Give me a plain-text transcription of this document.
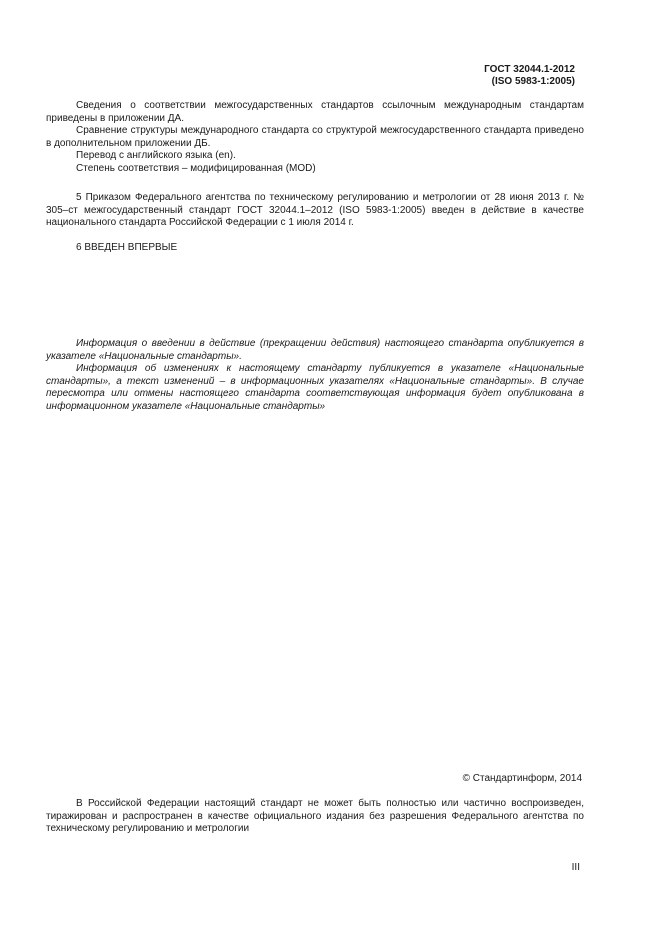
ГОСТ 32044.1-2012
(ISO 5983-1:2005)

Сведения о соответствии межгосударственных стандартов ссылочным международным стандартам приведены в приложении ДА.

Сравнение структуры международного стандарта со структурой межгосударственного стандарта приведено в дополнительном приложении ДБ.

Перевод с английского языка (en).

Степень соответствия – модифицированная (MOD)

5 Приказом Федерального агентства по техническому регулированию и метрологии от 28 июня 2013 г. № 305–ст межгосударственный стандарт ГОСТ 32044.1–2012 (ISO 5983-1:2005) введен в действие в качестве национального стандарта Российской Федерации с 1 июля 2014 г.

6 ВВЕДЕН ВПЕРВЫЕ

Информация о введении в действие (прекращении действия) настоящего стандарта опубликуется в указателе «Национальные стандарты».

Информация об изменениях к настоящему стандарту публикуется в указателе «Национальные стандарты», а текст изменений – в информационных указателях «Национальные стандарты». В случае пересмотра или отмены настоящего стандарта соответствующая информация будет опубликована в информационном указателе «Национальные стандарты»

© Стандартинформ, 2014

В Российской Федерации настоящий стандарт не может быть полностью или частично воспроизведен, тиражирован и распространен в качестве официального издания без разрешения Федерального агентства по техническому регулированию и метрологии

III
